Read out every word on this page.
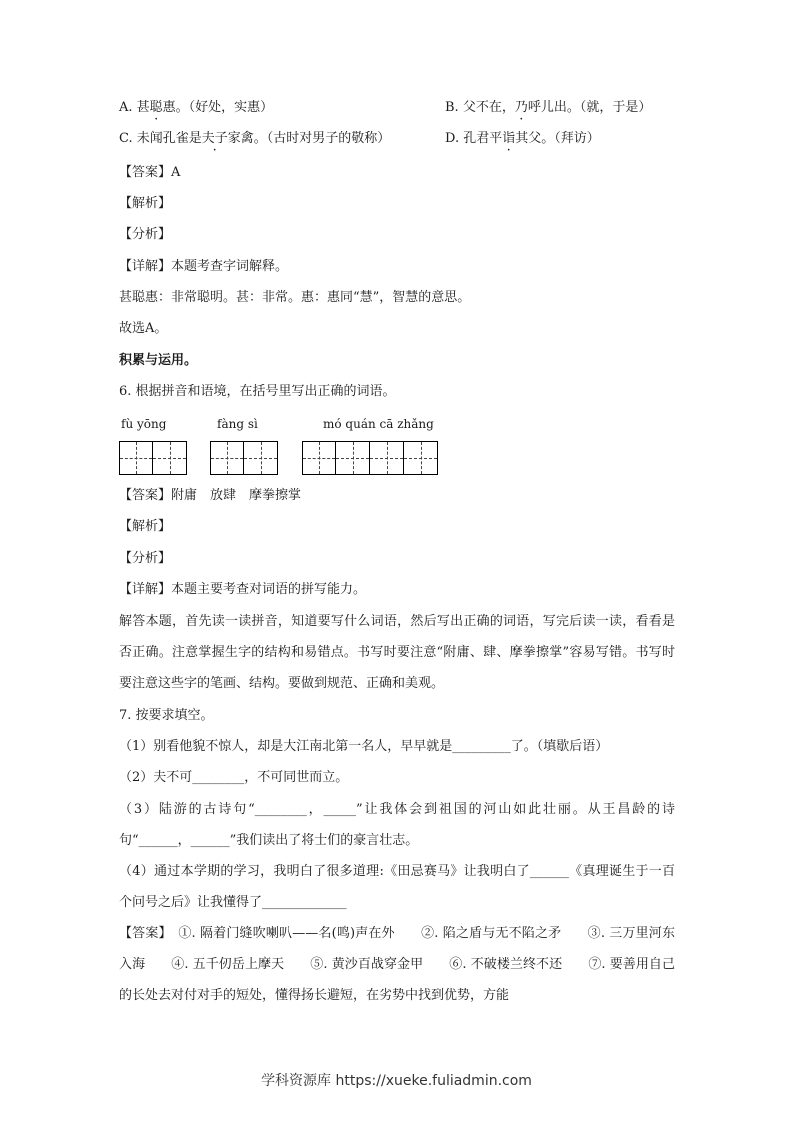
A. 甚聪惠。（好处，实惠）	B. 父不在，乃呼儿出。（就，于是）
C. 未闻孔雀是夫子家禽。（古时对男子的敬称）	D. 孔君平诣其父。（拜访）
【答案】A
【解析】
【分析】
【详解】本题考查字词解释。
甚聪惠：非常聪明。甚：非常。惠：惠同“慧”，智慧的意思。
故选A。
积累与运用。
6. 根据拼音和语境，在括号里写出正确的词语。
fù yōng	fàng sì	mó quán cā zhǎng
【答案】附庸　放肆　摩拳擦掌
【解析】
【分析】
【详解】本题主要考查对词语的拼写能力。
解答本题，首先读一读拼音，知道要写什么词语，然后写出正确的词语，写完后读一读，看看是否正确。注意掌握生字的结构和易错点。书写时要注意“附庸、肆、摩拳擦掌”容易写错。书写时要注意这些字的笔画、结构。要做到规范、正确和美观。
7. 按要求填空。
（1）别看他貌不惊人，却是大江南北第一名人，早早就是_________了。（填歇后语）
（2）夫不可________，不可同世而立。
（3）陆游的古诗句“________，_____”让我体会到祖国的河山如此壮丽。从王昌龄的诗句“______，______”我们读出了将士们的豪言壮志。
（4）通过本学期的学习，我明白了很多道理:《田忌赛马》让我明白了______《真理诞生于一百个问号之后》让我懂得了_____________
【答案】　①. 隔着门缝吹喇叭——名(鸣)声在外　　②. 陷之盾与无不陷之矛　　③. 三万里河东入海　　④. 五千仞岳上摩天　　⑤. 黄沙百战穿金甲　　⑥. 不破楼兰终不还　　⑦. 要善用自己的长处去对付对手的短处，懂得扬长避短，在劣势中找到优势，方能
学科资源库 https://xueke.fuliadmin.com
